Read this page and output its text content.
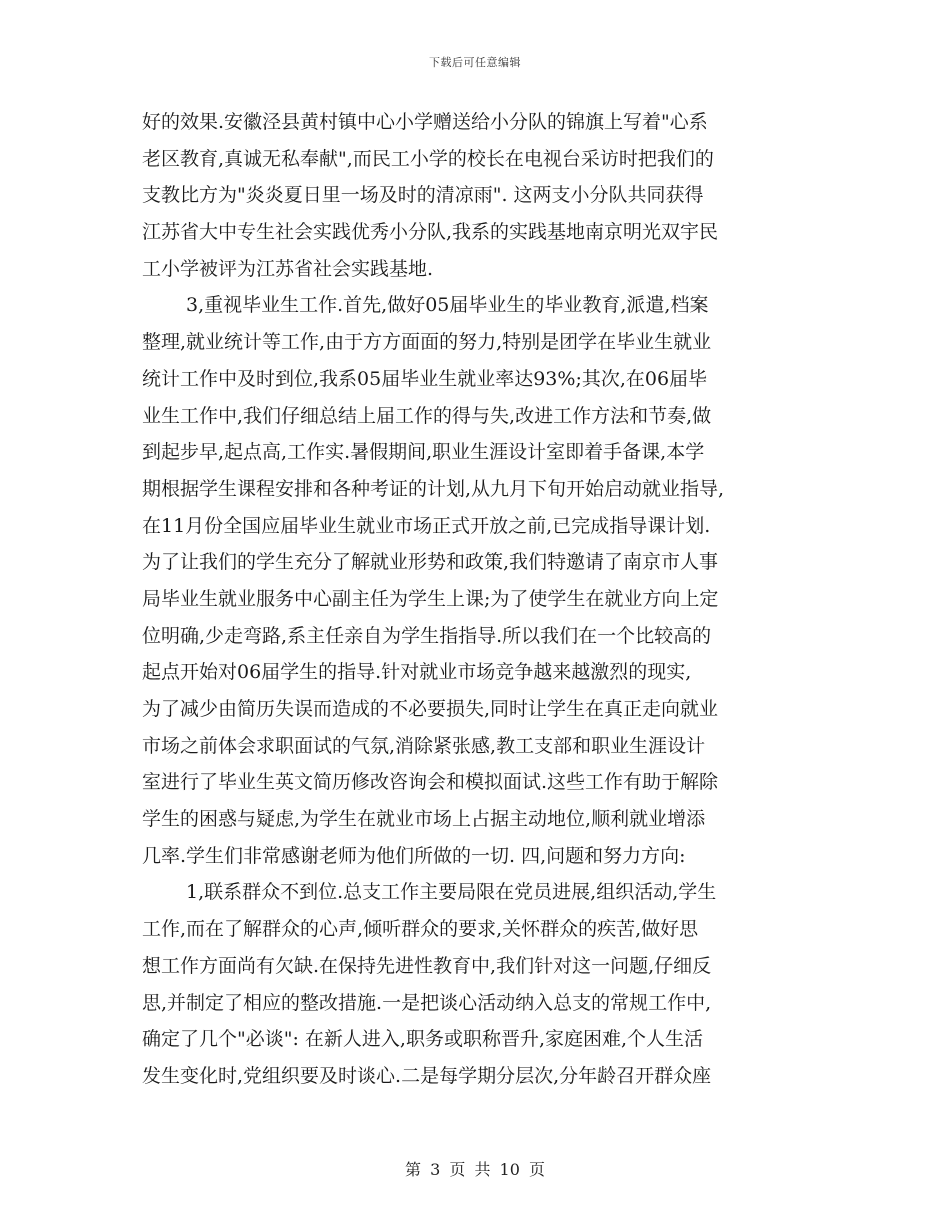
下载后可任意编辑
好的效果.安徽泾县黄村镇中心小学赠送给小分队的锦旗上写着"心系
老区教育,真诚无私奉献",而民工小学的校长在电视台采访时把我们的
支教比方为"炎炎夏日里一场及时的清凉雨". 这两支小分队共同获得
江苏省大中专生社会实践优秀小分队,我系的实践基地南京明光双宇民
工小学被评为江苏省社会实践基地.
3,重视毕业生工作.首先,做好05届毕业生的毕业教育,派遣,档案
整理,就业统计等工作,由于方方面面的努力,特别是团学在毕业生就业
统计工作中及时到位,我系05届毕业生就业率达93%;其次,在06届毕
业生工作中,我们仔细总结上届工作的得与失,改进工作方法和节奏,做
到起步早,起点高,工作实.暑假期间,职业生涯设计室即着手备课,本学
期根据学生课程安排和各种考证的计划,从九月下旬开始启动就业指导,
在11月份全国应届毕业生就业市场正式开放之前,已完成指导课计划.
为了让我们的学生充分了解就业形势和政策,我们特邀请了南京市人事
局毕业生就业服务中心副主任为学生上课;为了使学生在就业方向上定
位明确,少走弯路,系主任亲自为学生指指导.所以我们在一个比较高的
起点开始对06届学生的指导.针对就业市场竞争越来越激烈的现实,
为了减少由简历失误而造成的不必要损失,同时让学生在真正走向就业
市场之前体会求职面试的气氛,消除紧张感,教工支部和职业生涯设计
室进行了毕业生英文简历修改咨询会和模拟面试.这些工作有助于解除
学生的困惑与疑虑,为学生在就业市场上占据主动地位,顺利就业增添
几率.学生们非常感谢老师为他们所做的一切. 四,问题和努力方向:
1,联系群众不到位.总支工作主要局限在党员进展,组织活动,学生
工作,而在了解群众的心声,倾听群众的要求,关怀群众的疾苦,做好思
想工作方面尚有欠缺.在保持先进性教育中,我们针对这一问题,仔细反
思,并制定了相应的整改措施.一是把谈心活动纳入总支的常规工作中,
确定了几个"必谈": 在新人进入,职务或职称晋升,家庭困难,个人生活
发生变化时,党组织要及时谈心.二是每学期分层次,分年龄召开群众座
第 3 页 共 10 页
